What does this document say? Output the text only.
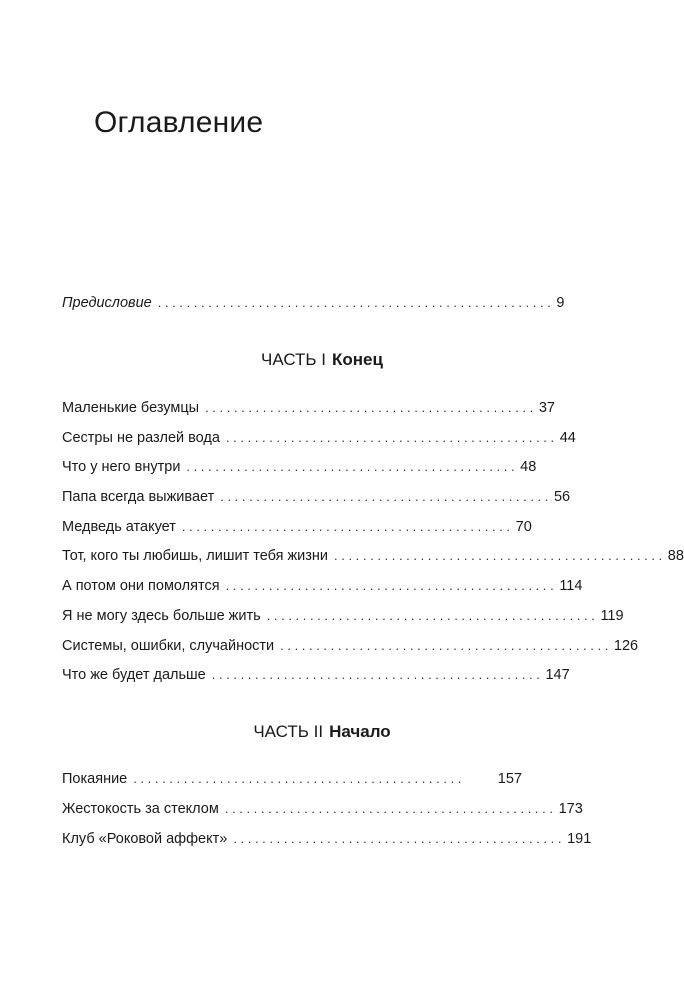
Оглавление
Предисловие ....................................................... 9
ЧАСТЬ I Конец
Маленькие безумцы .............................................. 37
Сестры не разлей вода .............................................. 44
Что у него внутри .............................................. 48
Папа всегда выживает .............................................. 56
Медведь атакует .............................................. 70
Тот, кого ты любишь, лишит тебя жизни .............................................. 88
А потом они помолятся .............................................. 114
Я не могу здесь больше жить .............................................. 119
Системы, ошибки, случайности .............................................. 126
Что же будет дальше .............................................. 147
ЧАСТЬ II Начало
Покаяние ..............................................	157
Жестокость за стеклом .............................................. 173
Клуб «Роковой аффект» .............................................. 191
